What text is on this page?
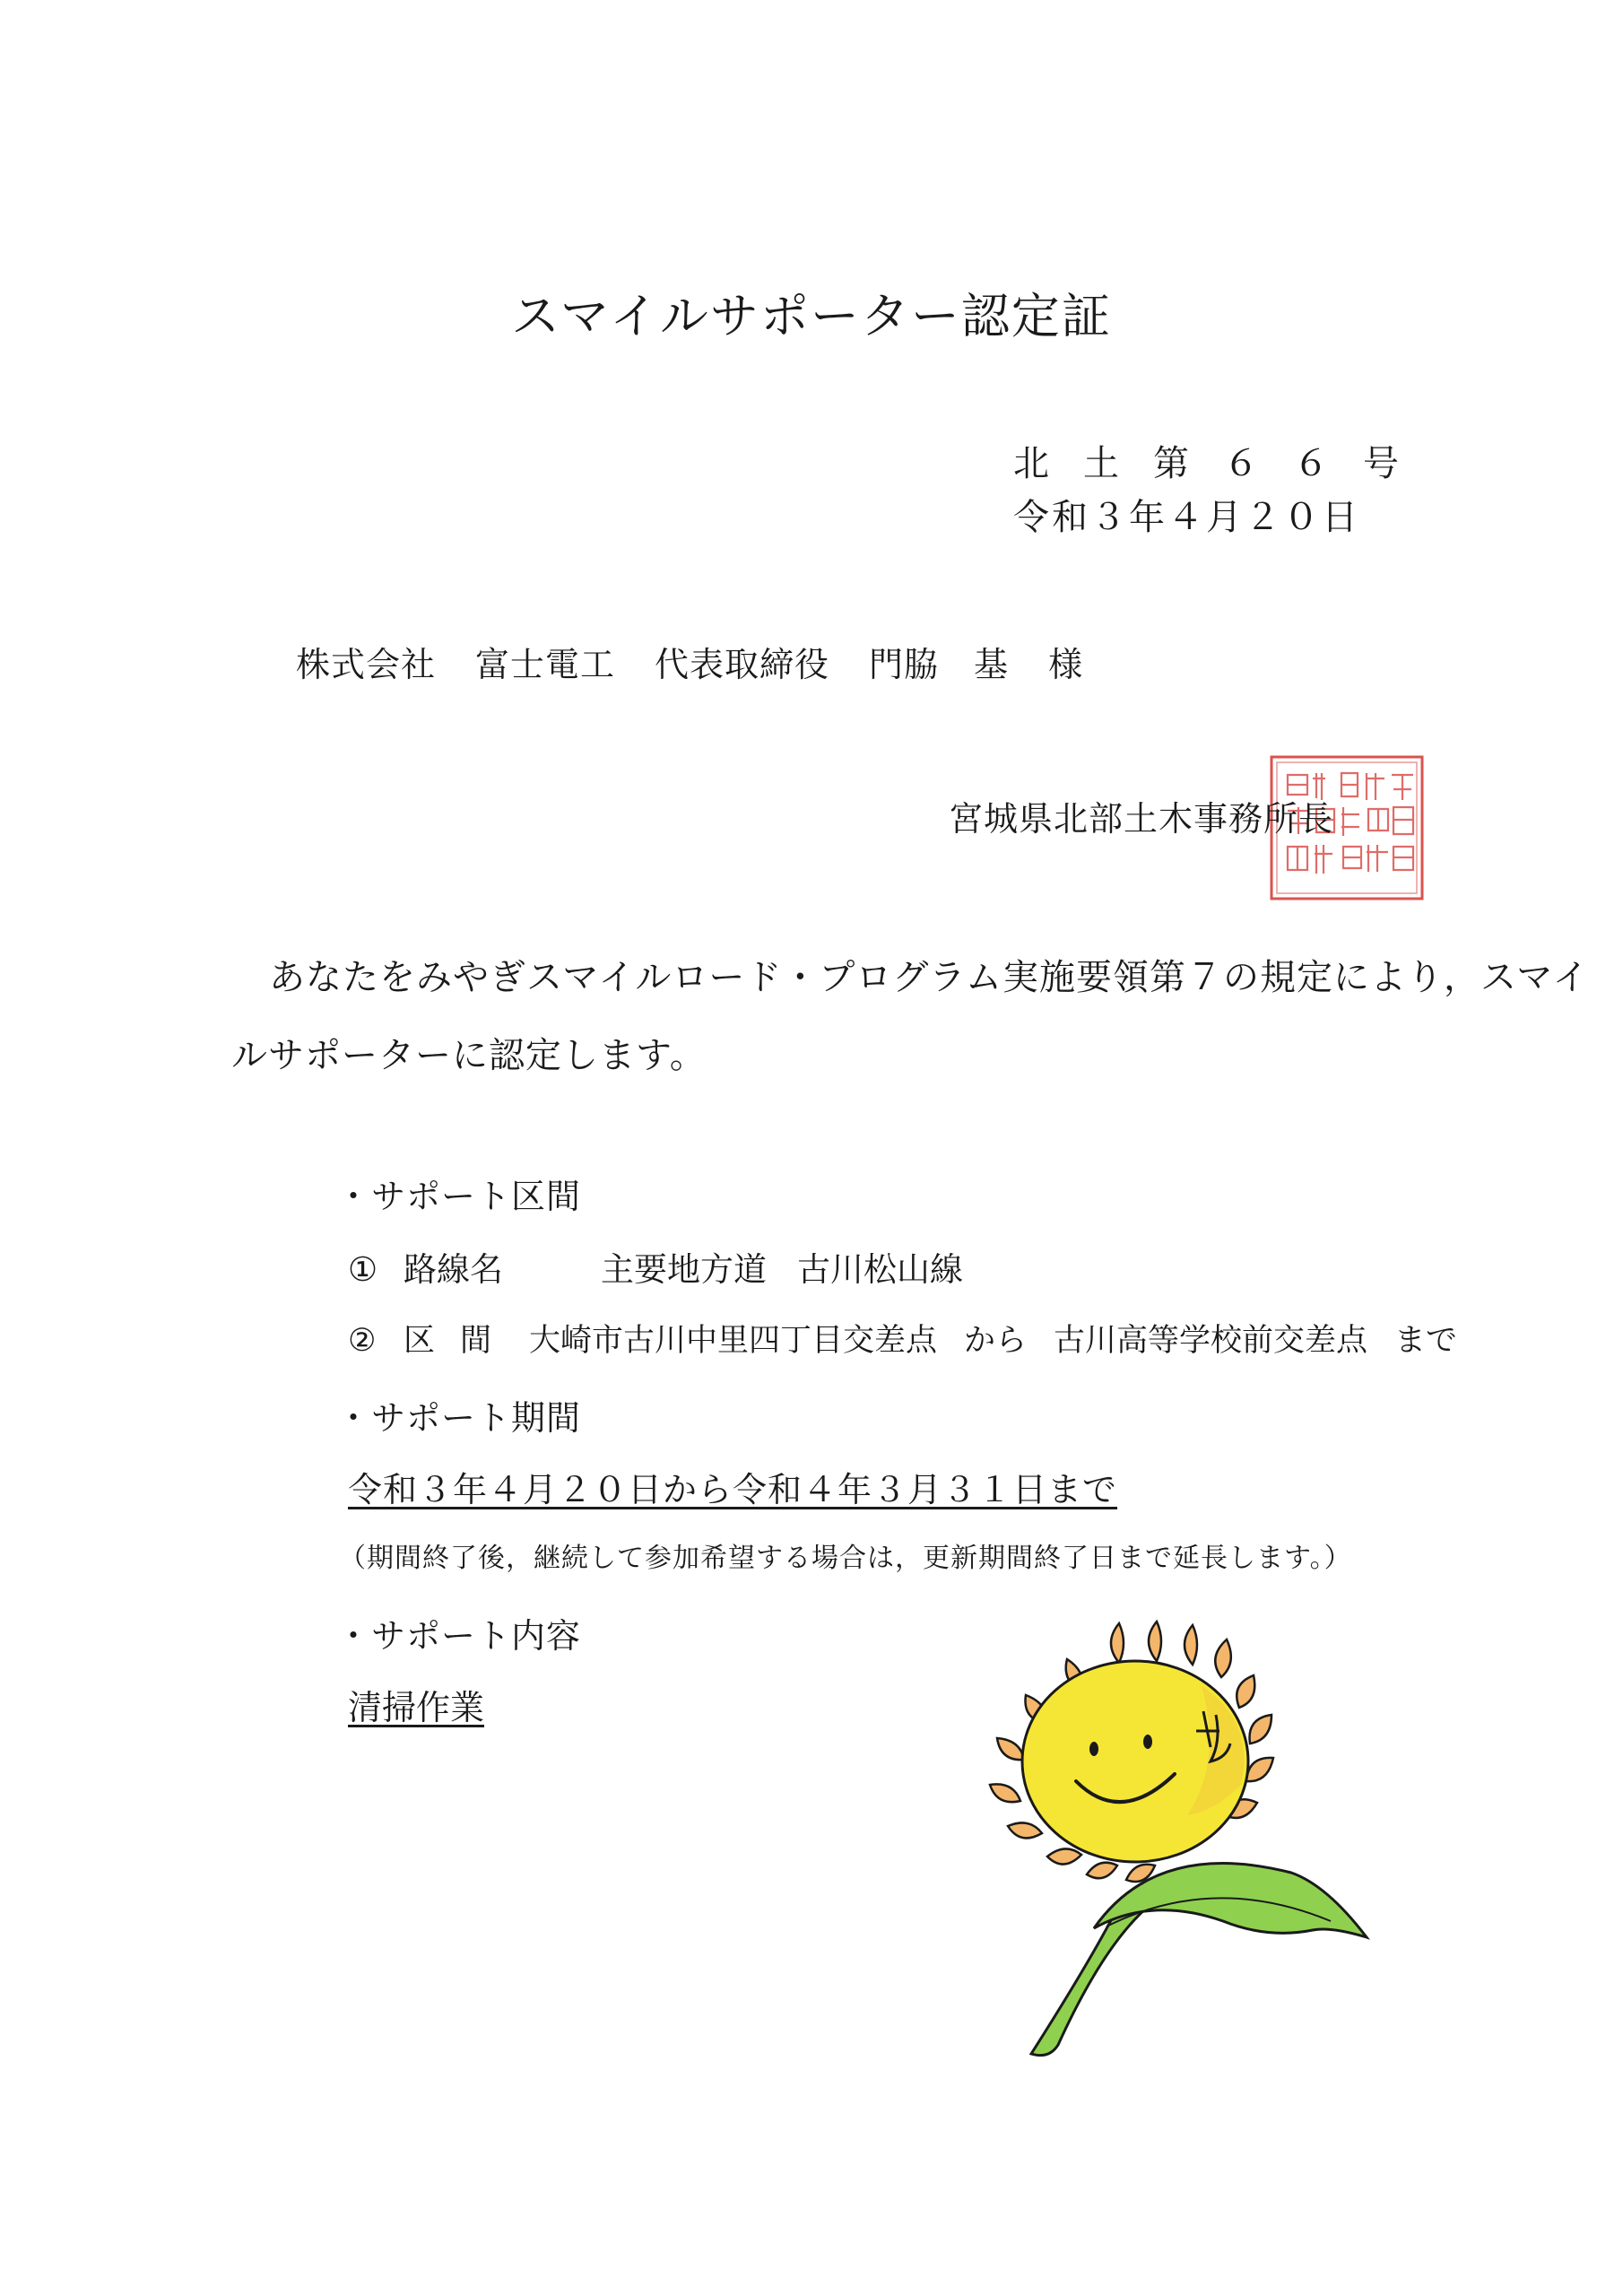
スマイルサポーター認定証
北土第６６号
令和３年４月２０日
株式会社 富士電工 代表取締役 門脇　基 様
宮城県北部土木事務所長
あなたをみやぎスマイルロード・プログラム実施要領第７の規定により，スマイ
ルサポーターに認定します。
・サポート区間
① 路線名	主要地方道 古川松山線
② 区間 大崎市古川中里四丁目交差点 から 古川高等学校前交差点 まで
・サポート期間
令和３年４月２０日から令和４年３月３１日まで
（期間終了後，継続して参加希望する場合は，更新期間終了日まで延長します。）
・サポート内容
清掃作業
